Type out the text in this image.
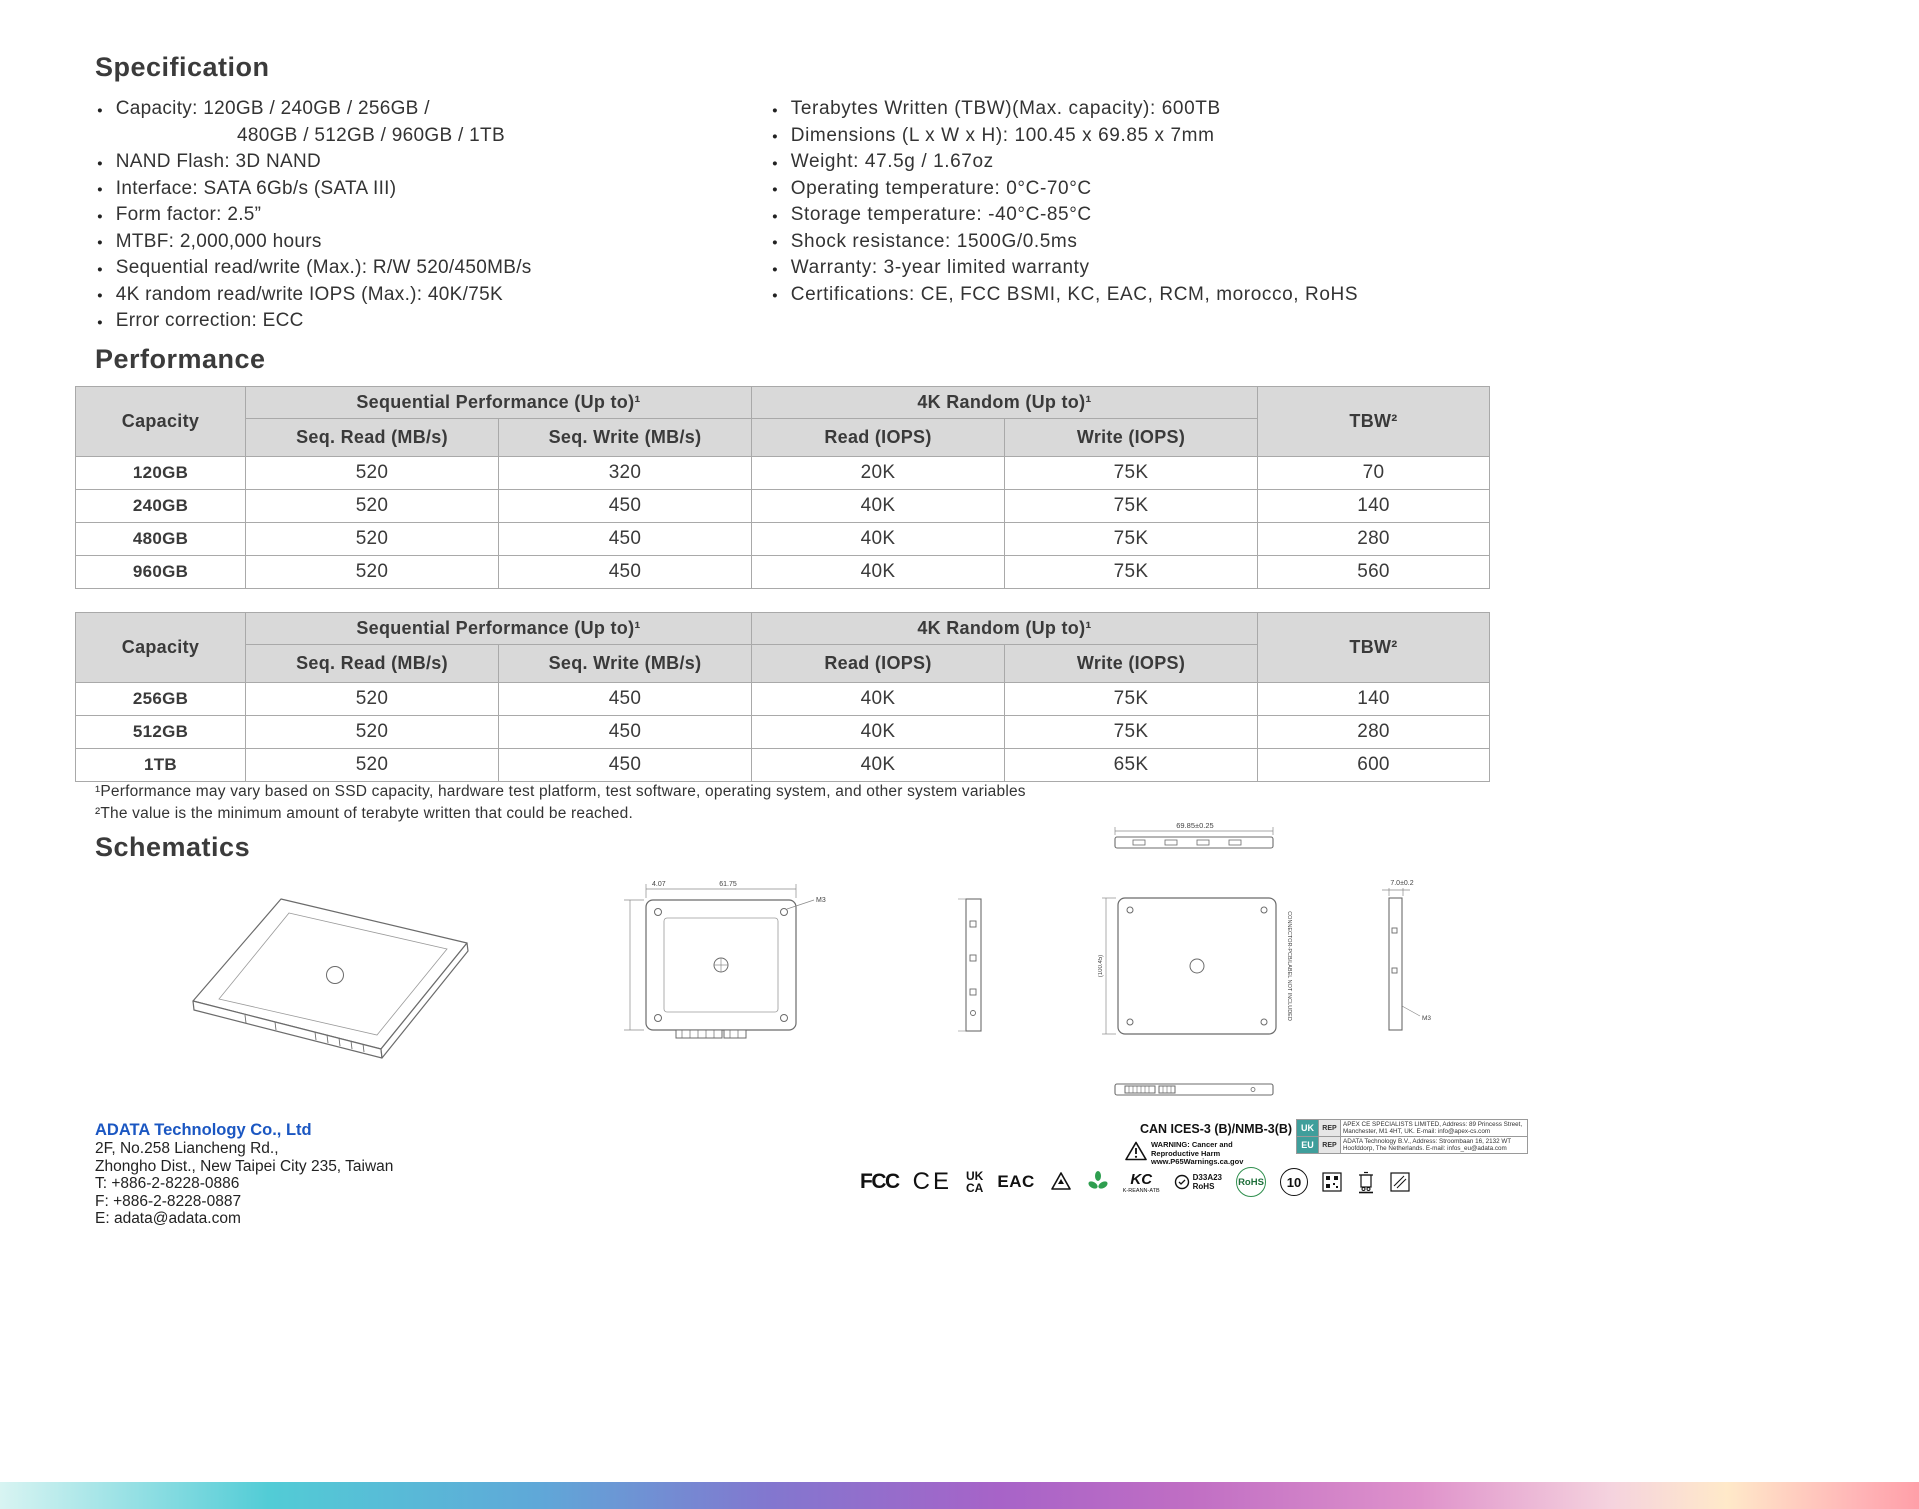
Specification
● Capacity: 120GB / 240GB / 256GB /
480GB / 512GB / 960GB / 1TB
● NAND Flash: 3D NAND
● Interface: SATA 6Gb/s (SATA III)
● Form factor: 2.5”
● MTBF: 2,000,000 hours
● Sequential read/write (Max.): R/W 520/450MB/s
● 4K random read/write IOPS (Max.): 40K/75K
● Error correction: ECC
● Terabytes Written (TBW)(Max. capacity): 600TB
● Dimensions (L x W x H): 100.45 x 69.85 x 7mm
● Weight: 47.5g / 1.67oz
● Operating temperature: 0°C-70°C
● Storage temperature: -40°C-85°C
● Shock resistance: 1500G/0.5ms
● Warranty: 3-year limited warranty
● Certifications: CE, FCC BSMI, KC, EAC, RCM, morocco, RoHS
Performance
Capacity	Sequential Performance (Up to)¹		4K Random (Up to)¹		TBW²
	Seq. Read (MB/s)	Seq. Write (MB/s)	Read (IOPS)	Write (IOPS)	
120GB	520	320	20K	75K	70
240GB	520	450	40K	75K	140
480GB	520	450	40K	75K	280
960GB	520	450	40K	75K	560
Capacity	Sequential Performance (Up to)¹		4K Random (Up to)¹		TBW²
	Seq. Read (MB/s)	Seq. Write (MB/s)	Read (IOPS)	Write (IOPS)	
256GB	520	450	40K	75K	140
512GB	520	450	40K	75K	280
1TB	520	450	40K	65K	600

¹Performance may vary based on SSD capacity, hardware test platform, test software, operating system, and other system variables

²The value is the minimum amount of terabyte written that could be reached.

Schematics
4.07	61.75
M3
69.85±0.25
(100.45)	CONNECTOR-PCB/LABEL NOT INCLUDED
7.0±0.2
M3
ADATA Technology Co., Ltd
2F, No.258 Liancheng Rd.,
Zhongho Dist., New Taipei City 235, Taiwan
T: +886-2-8228-0886
F: +886-2-8228-0887
E: adata@adata.com
CAN ICES-3 (B)/NMB-3(B)
WARNING: Cancer and
Reproductive Harm
www.P65Warnings.ca.gov
UK	REP	APEX CE SPECIALISTS LIMITED, Address: 89 Princess Street, Manchester, M1 4HT, UK. E-mail: info@apex-cs.com
EU	REP	ADATA Technology B.V., Address: Stroombaan 16, 2132 WT Hoofddorp, The Netherlands. E-mail: infos_eu@adata.com
FCC CE UK
CA EAC	KC
K-REANN-ATB
D33A23
RoHS	RoHS	10
